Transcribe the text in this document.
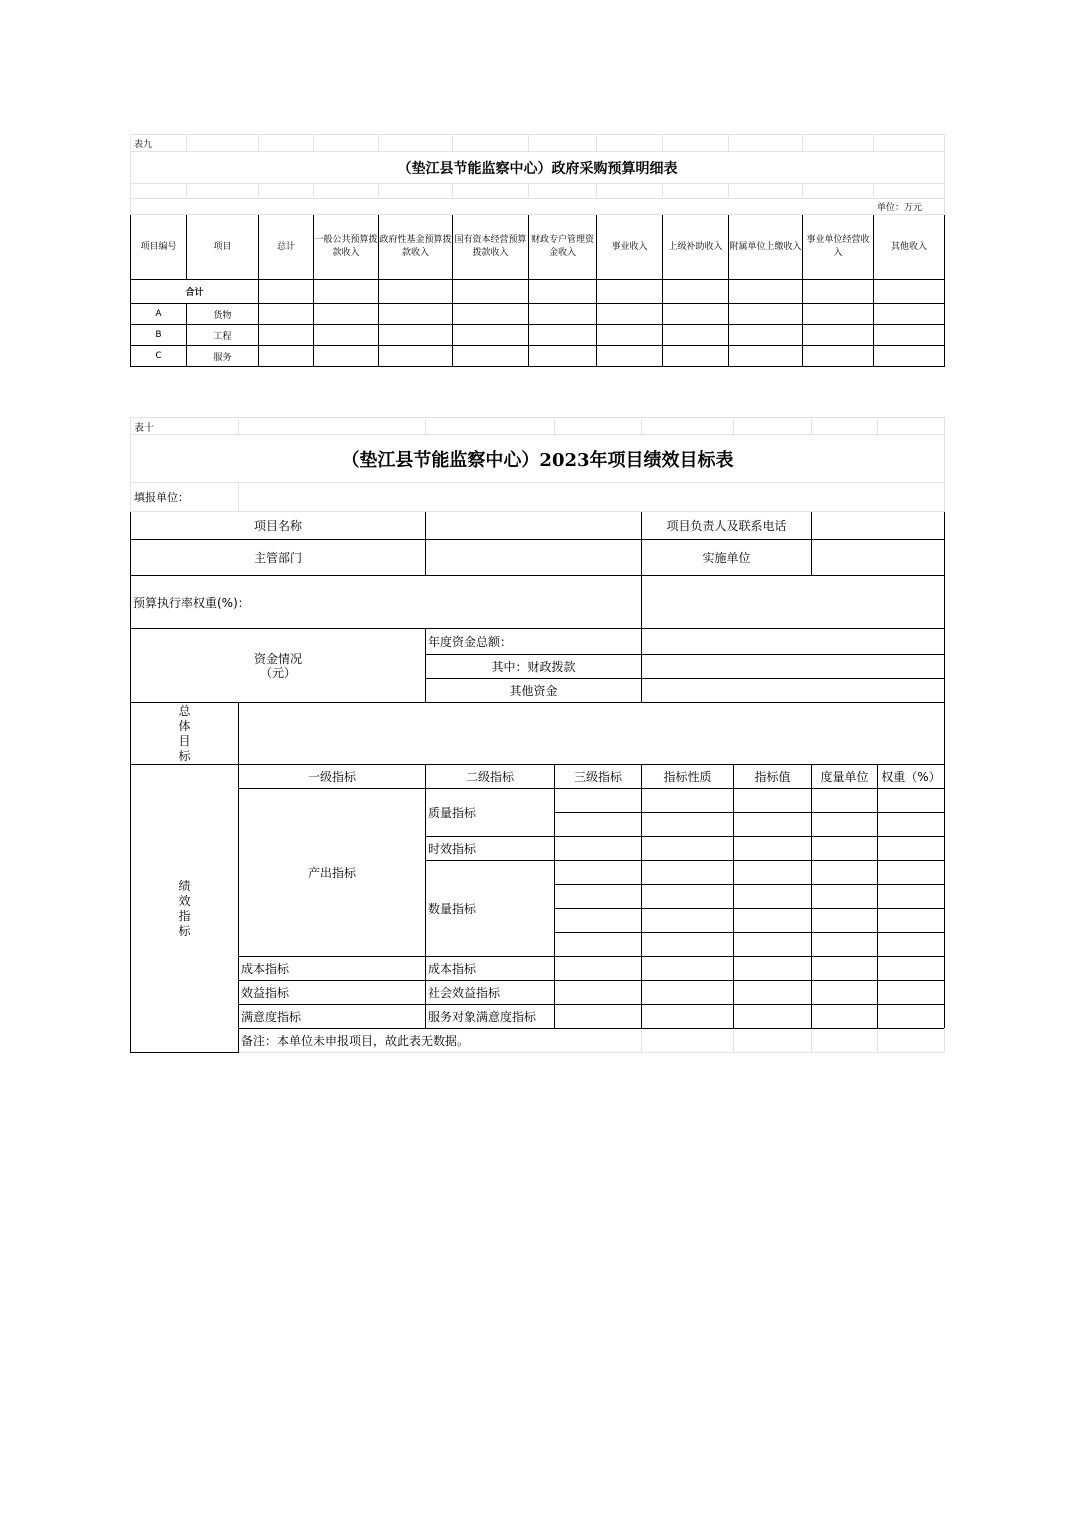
表九											
（垫江县节能监察中心）政府采购预算明细表											

单位：万元											
项目编号	项目	总计	一般公共预算拨款收入	政府性基金预算拨款收入	国有资本经营预算拨款收入	财政专户管理资金收入	事业收入	上级补助收入	附属单位上缴收入	事业单位经营收入	其他收入
合计											
A	货物										
B	工程										
C	服务										
表十								
（垫江县节能监察中心）2023年项目绩效目标表								
填报单位：								
项目名称				项目负责人及联系电话				
主管部门				实施单位				
预算执行率权重(%)：								
资金情况
（元）		年度资金总额：						
		其中：财政拨款						
		其他资金						
总体目标								
绩效指标	一级指标	二级指标	三级指标	指标性质	指标值	度量单位	权重（%）	
	产出指标	质量指标						

		时效指标						
		数量指标						

	成本指标	成本指标						
	效益指标	社会效益指标						
	满意度指标	服务对象满意度指标						
	备注：本单位未申报项目，故此表无数据。							
